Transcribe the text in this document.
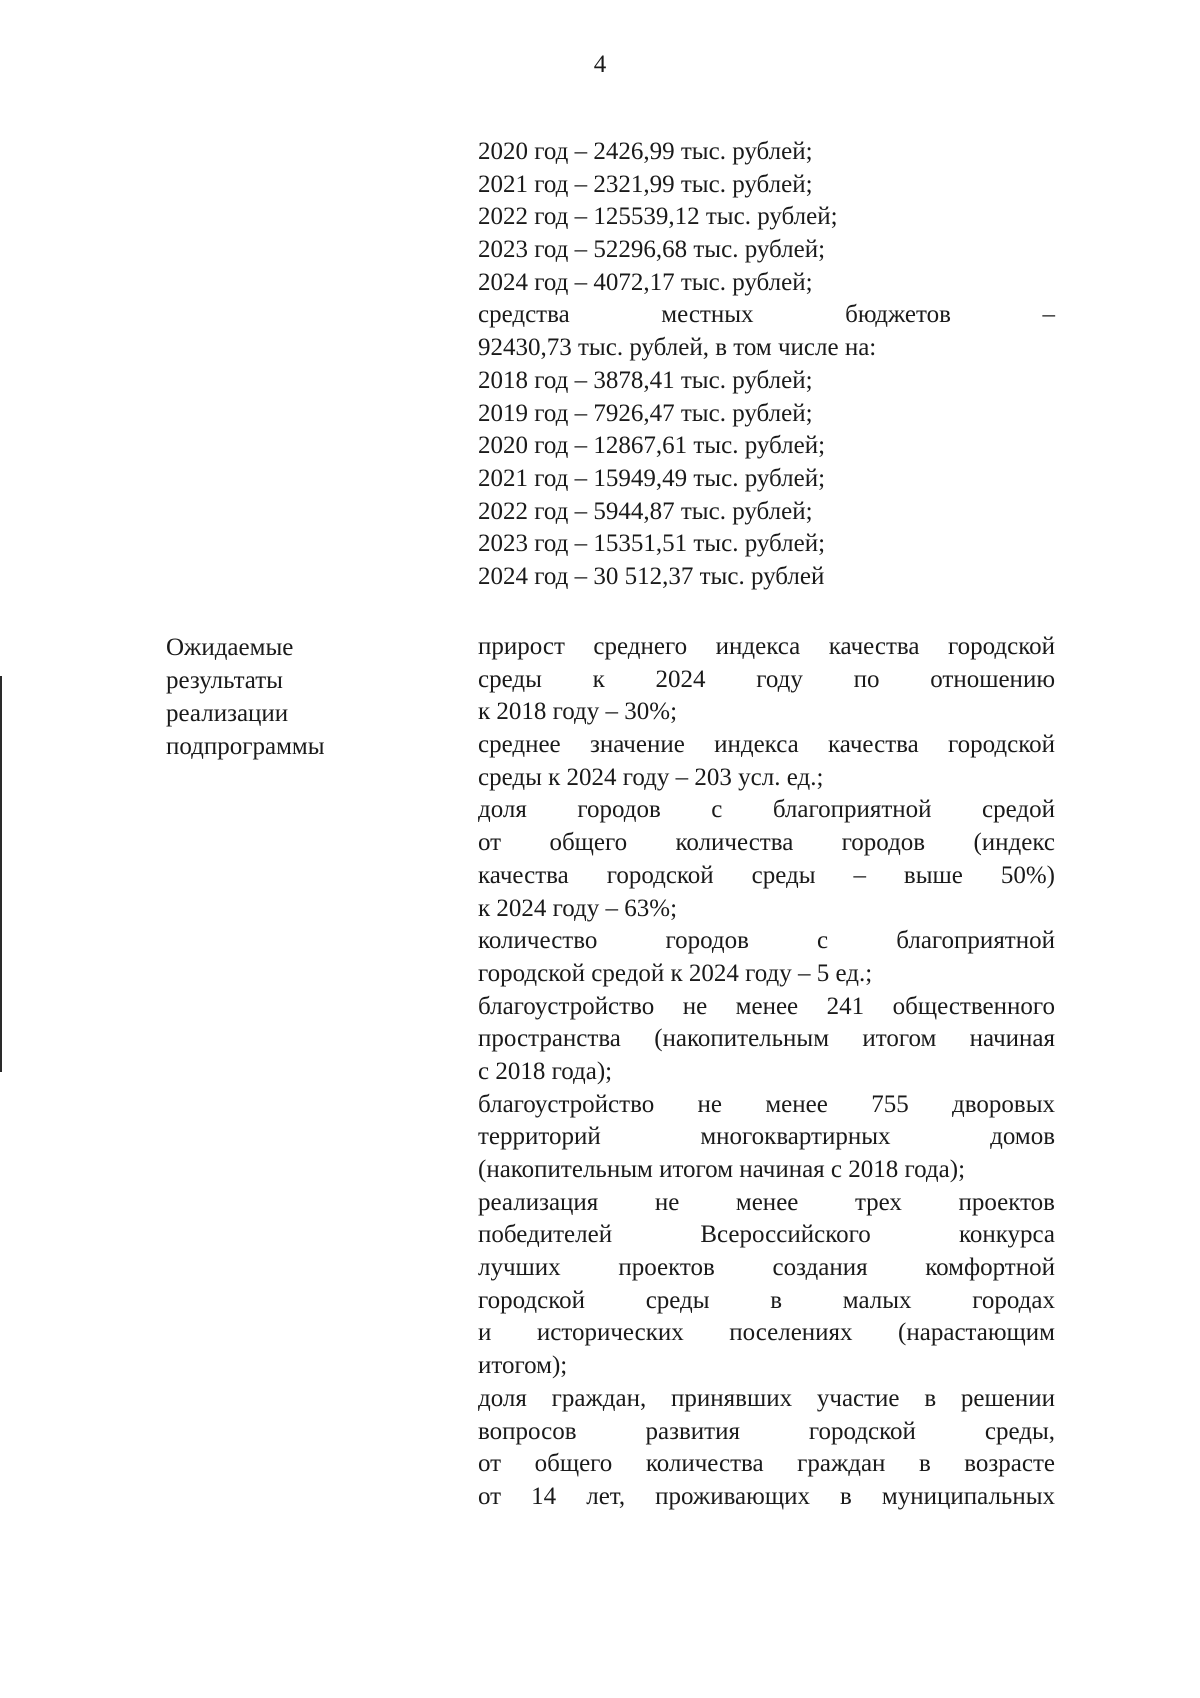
4
2020 год – 2426,99 тыс. рублей;
2021 год – 2321,99 тыс. рублей;
2022 год – 125539,12 тыс. рублей;
2023 год – 52296,68 тыс. рублей;
2024 год – 4072,17 тыс. рублей;
средства местных бюджетов –
92430,73 тыс. рублей, в том числе на:
2018 год – 3878,41 тыс. рублей;
2019 год – 7926,47 тыс. рублей;
2020 год – 12867,61 тыс. рублей;
2021 год – 15949,49 тыс. рублей;
2022 год – 5944,87 тыс. рублей;
2023 год – 15351,51 тыс. рублей;
2024 год – 30 512,37 тыс. рублей
Ожидаемые
результаты
реализации
подпрограммы
прирост среднего индекса качества городской
среды к 2024 году по отношению
к 2018 году – 30%;
среднее значение индекса качества городской
среды к 2024 году – 203 усл. ед.;
доля городов с благоприятной средой
от общего количества городов (индекс
качества городской среды – выше 50%)
к 2024 году – 63%;
количество городов с благоприятной
городской средой к 2024 году – 5 ед.;
благоустройство не менее 241 общественного
пространства (накопительным итогом начиная
с 2018 года);
благоустройство не менее 755 дворовых
территорий многоквартирных домов
(накопительным итогом начиная с 2018 года);
реализация не менее трех проектов
победителей Всероссийского конкурса
лучших проектов создания комфортной
городской среды в малых городах
и исторических поселениях (нарастающим
итогом);
доля граждан, принявших участие в решении
вопросов развития городской среды,
от общего количества граждан в возрасте
от 14 лет, проживающих в муниципальных
